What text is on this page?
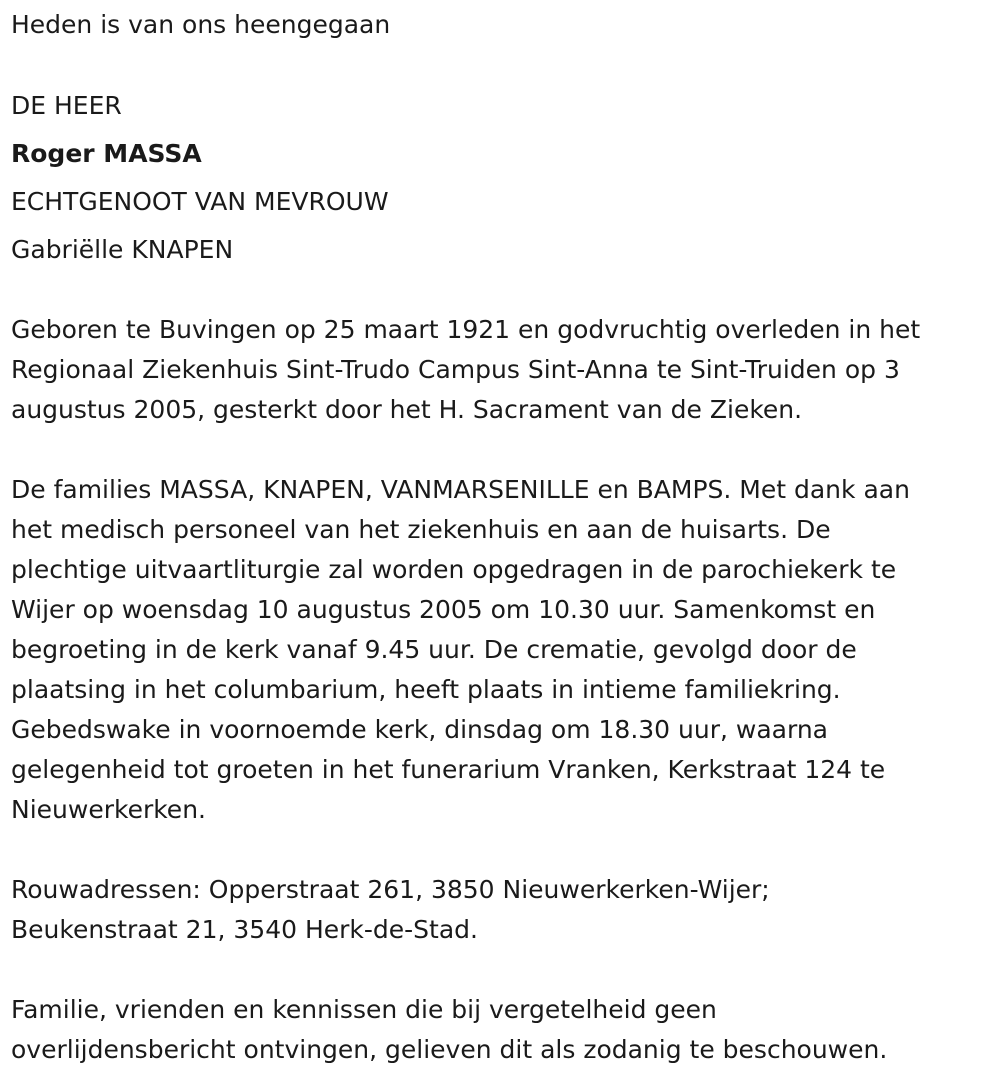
Heden is van ons heengegaan
DE HEER
Roger MASSA
ECHTGENOOT VAN MEVROUW
Gabriëlle KNAPEN
Geboren te Buvingen op 25 maart 1921 en godvruchtig overleden in het
Regionaal Ziekenhuis Sint-Trudo Campus Sint-Anna te Sint-Truiden op 3
augustus 2005, gesterkt door het H. Sacrament van de Zieken.
De families MASSA, KNAPEN, VANMARSENILLE en BAMPS. Met dank aan
het medisch personeel van het ziekenhuis en aan de huisarts. De
plechtige uitvaartliturgie zal worden opgedragen in de parochiekerk te
Wijer op woensdag 10 augustus 2005 om 10.30 uur. Samenkomst en
begroeting in de kerk vanaf 9.45 uur. De crematie, gevolgd door de
plaatsing in het columbarium, heeft plaats in intieme familiekring.
Gebedswake in voornoemde kerk, dinsdag om 18.30 uur, waarna
gelegenheid tot groeten in het funerarium Vranken, Kerkstraat 124 te
Nieuwerkerken.
Rouwadressen: Opperstraat 261, 3850 Nieuwerkerken-Wijer;
Beukenstraat 21, 3540 Herk-de-Stad.
Familie, vrienden en kennissen die bij vergetelheid geen
overlijdensbericht ontvingen, gelieven dit als zodanig te beschouwen.
